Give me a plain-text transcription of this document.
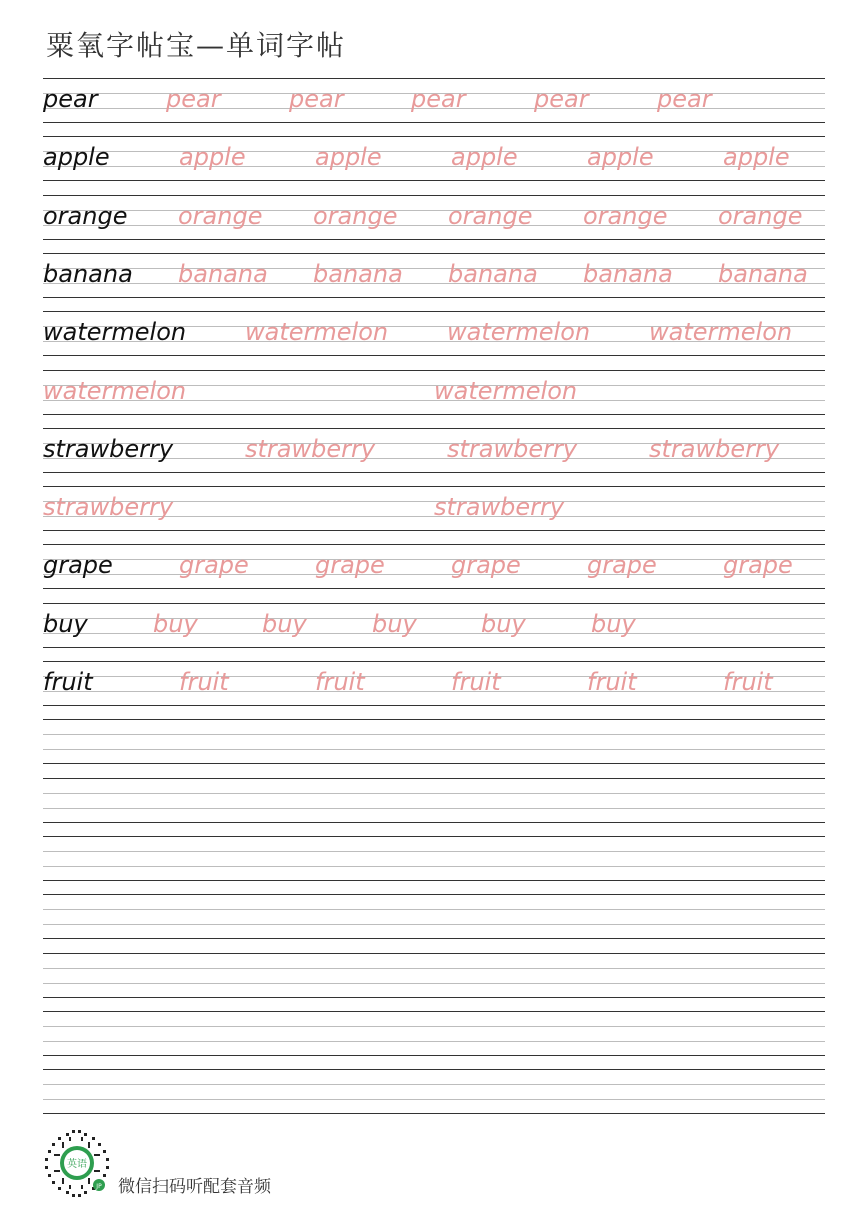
粟氧字帖宝—单词字帖
pear	pear	pear	pear	pear	pear
apple	apple	apple	apple	apple	apple
orange orange orange orange orange orange
banana banana banana banana banana banana
watermelon watermelon watermelon watermelon
watermelon	watermelon
strawberry	strawberry	strawberry	strawberry
strawberry	strawberry
grape	grape	grape	grape	grape	grape
buy	buy	buy	buy	buy	buy
fruit	fruit	fruit	fruit	fruit	fruit
英语
JP 微信扫码听配套音频
